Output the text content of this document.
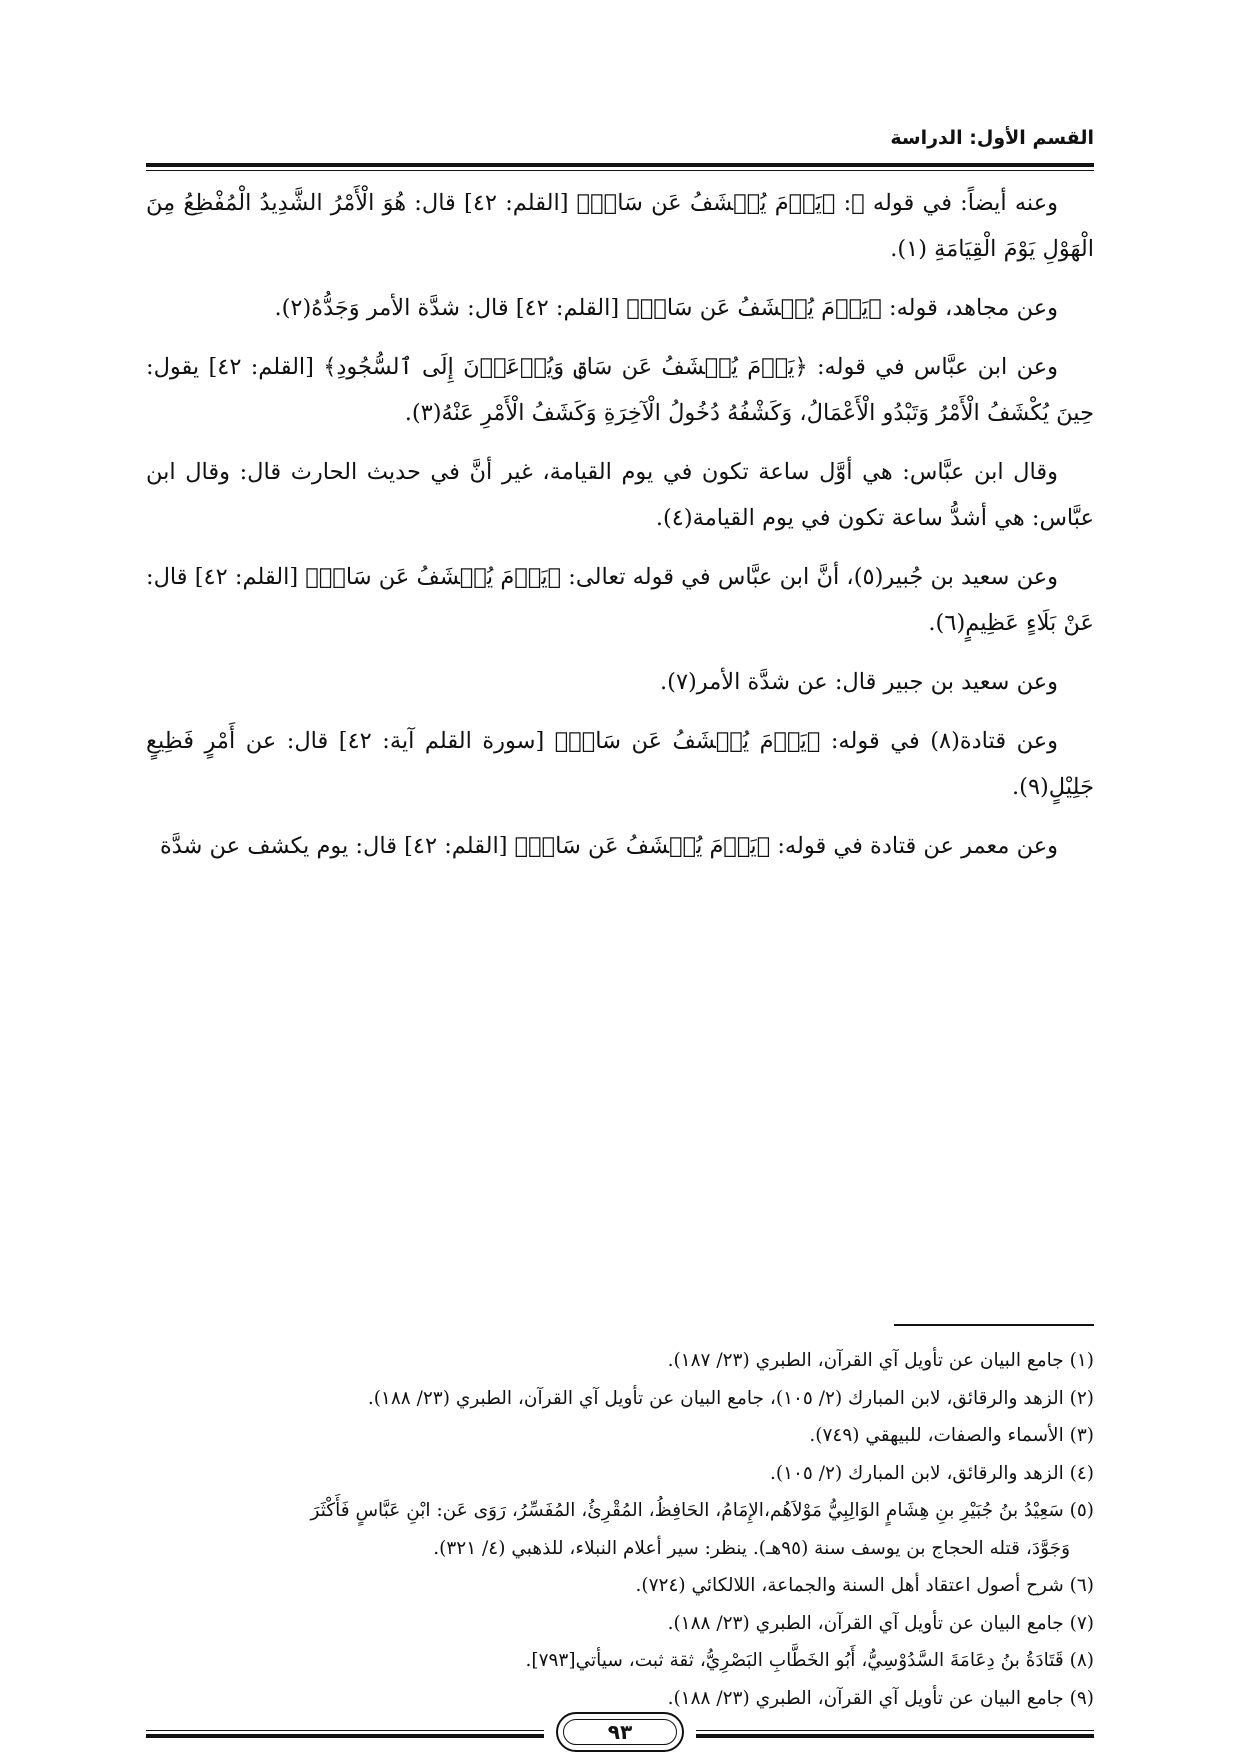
القسم الأول: الدراسة

وعنه أيضاً: في قوله ﷻ: ﴿يَوۡمَ يُكۡشَفُ عَن سَاقٖ﴾ [القلم: ٤٢] قال: هُوَ الْأَمْرُ الشَّدِيدُ الْمُفْظِعُ مِنَ الْهَوْلِ يَوْمَ الْقِيَامَةِ (١).

وعن مجاهد، قوله: ﴿يَوۡمَ يُكۡشَفُ عَن سَاقٖ﴾ [القلم: ٤٢] قال: شدَّة الأمر وَجَدُّهُ(٢).

وعن ابن عبَّاس في قوله: ﴿يَوۡمَ يُكۡشَفُ عَن سَاقٖ وَيُدۡعَوۡنَ إِلَى ٱلسُّجُودِ﴾ [القلم: ٤٢] يقول: حِينَ يُكْشَفُ الْأَمْرُ وَتَبْدُو الْأَعْمَالُ، وَكَشْفُهُ دُخُولُ الْآخِرَةِ وَكَشَفُ الْأَمْرِ عَنْهُ(٣).

وقال ابن عبَّاس: هي أوَّل ساعة تكون في يوم القيامة، غير أنَّ في حديث الحارث قال: وقال ابن عبَّاس: هي أشدُّ ساعة تكون في يوم القيامة(٤).

وعن سعيد بن جُبير(٥)، أنَّ ابن عبَّاس في قوله تعالى: ﴿يَوۡمَ يُكۡشَفُ عَن سَاقٖ﴾ [القلم: ٤٢] قال: عَنْ بَلَاءٍ عَظِيمٍ(٦).

وعن سعيد بن جبير قال: عن شدَّة الأمر(٧).

وعن قتادة(٨) في قوله: ﴿يَوۡمَ يُكۡشَفُ عَن سَاقٖ﴾ [سورة القلم آية: ٤٢] قال: عن أَمْرٍ فَظِيعٍ جَلِيْلٍ(٩).

وعن معمر عن قتادة في قوله: ﴿يَوۡمَ يُكۡشَفُ عَن سَاقٖ﴾ [القلم: ٤٢] قال: يوم يكشف عن شدَّة

(١) جامع البيان عن تأويل آي القرآن، الطبري (٢٣/ ١٨٧).

(٢) الزهد والرقائق، لابن المبارك (٢/ ١٠٥)، جامع البيان عن تأويل آي القرآن، الطبري (٢٣/ ١٨٨).

(٣) الأسماء والصفات، للبيهقي (٧٤٩).

(٤) الزهد والرقائق، لابن المبارك (٢/ ١٠٥).

(٥) سَعِيْدُ بنُ جُبَيْرِ بنِ هِشَامٍ الوَالِبِيُّ مَوْلاَهُم،الإِمَامُ، الحَافِظُ، المُقْرِئُ، المُفَسِّرُ، رَوَى عَن: ابْنِ عَبَّاسٍ فَأَكْثَرَ

وَجَوَّدَ، قتله الحجاج بن يوسف سنة (٩٥هـ). ينظر: سير أعلام النبلاء، للذهبي (٤/ ٣٢١).

(٦) شرح أصول اعتقاد أهل السنة والجماعة، اللالكائي (٧٢٤).

(٧) جامع البيان عن تأويل آي القرآن، الطبري (٢٣/ ١٨٨).

(٨) قَتَادَةُ بنُ دِعَامَةَ السَّدُوْسِيُّ، أَبُو الخَطَّابِ البَصْرِيُّ، ثقة ثبت، سيأتي[٧٩٣].

(٩) جامع البيان عن تأويل آي القرآن، الطبري (٢٣/ ١٨٨).

٩٣
